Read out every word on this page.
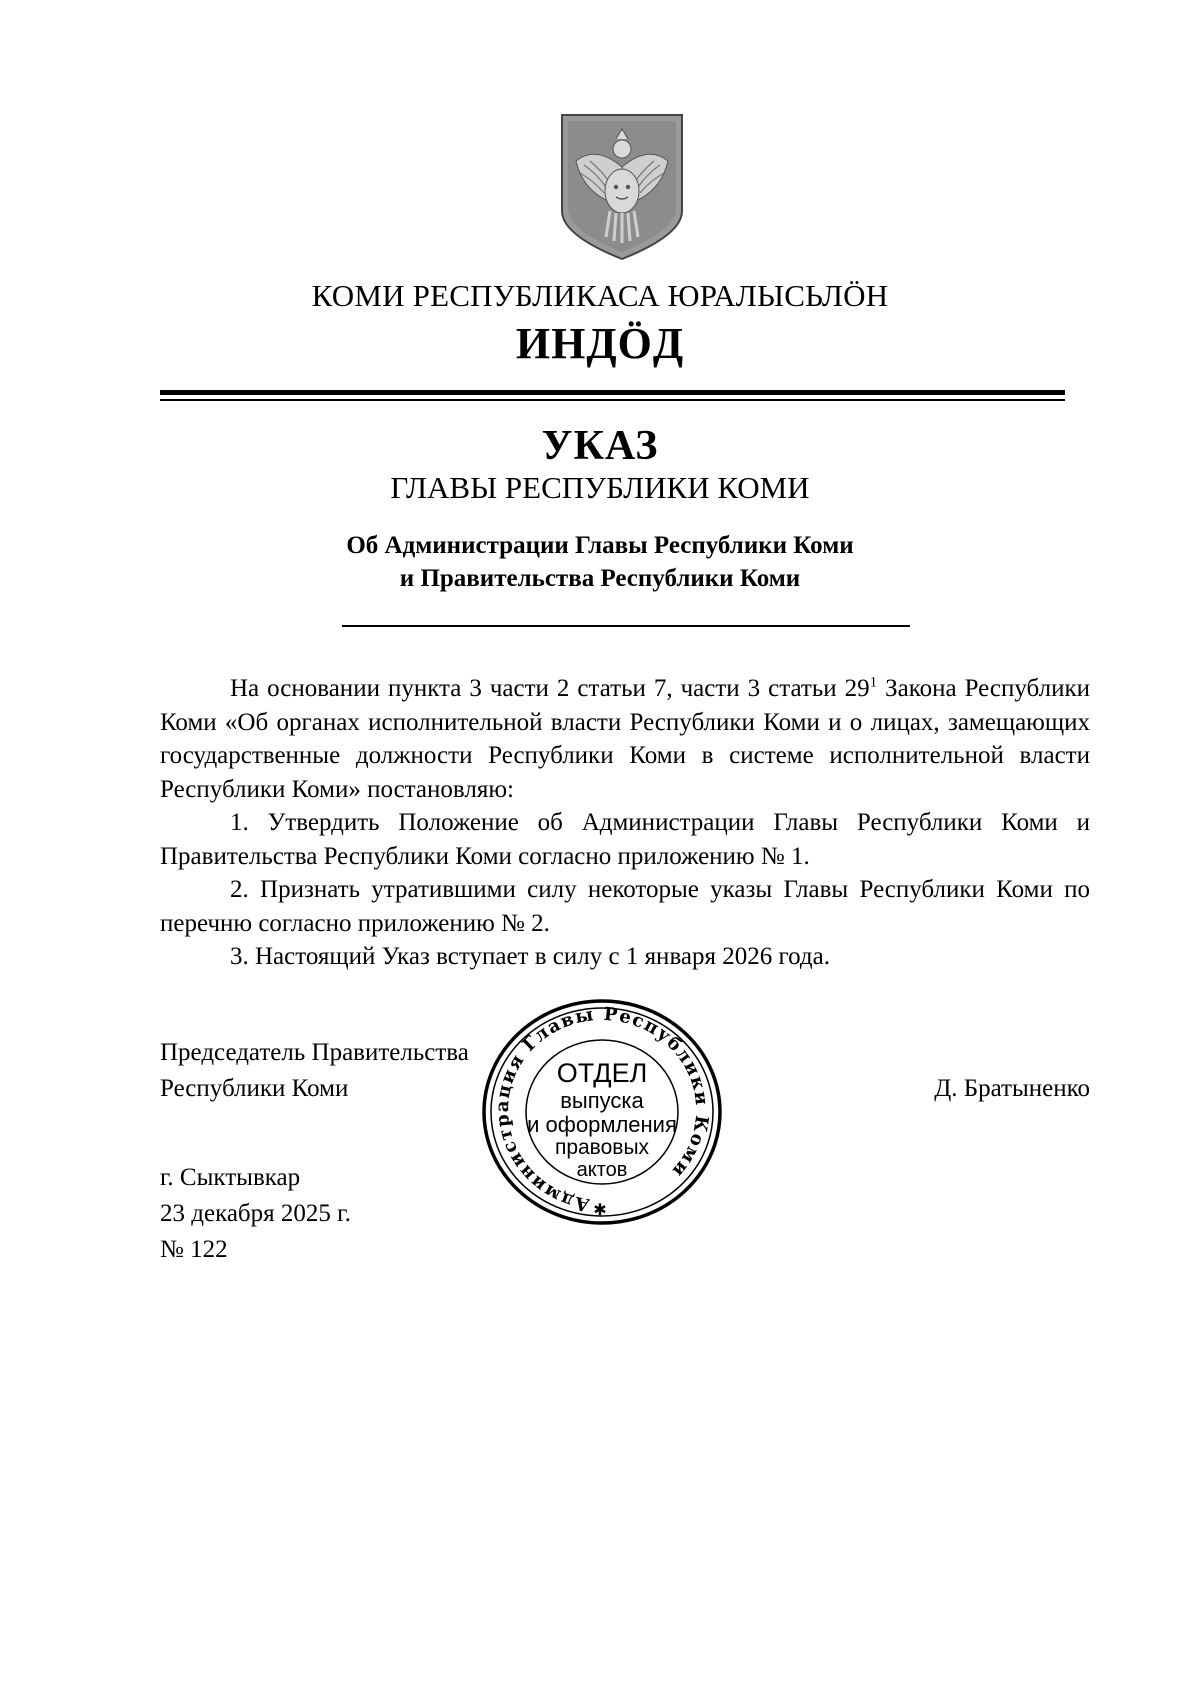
КОМИ РЕСПУБЛИКАСА ЮРАЛЫСЬЛӦН
ИНДӦД
УКАЗ
ГЛАВЫ РЕСПУБЛИКИ КОМИ
Об Администрации Главы Республики Коми
и Правительства Республики Коми

На основании пункта 3 части 2 статьи 7, части 3 статьи $29^1$ Закона Республики Коми «Об органах исполнительной власти Республики Коми и о лицах, замещающих государственные должности Республики Коми в системе исполнительной власти Республики Коми» постановляю:

1. Утвердить Положение об Администрации Главы Республики Коми и Правительства Республики Коми согласно приложению № 1.

2. Признать утратившими силу некоторые указы Главы Республики Коми по перечню согласно приложению № 2.

3. Настоящий Указ вступает в силу с 1 января 2026 года.

Председатель Правительства
Республики Коми	Д. Братыненко
Администрация Главы Республики Коми
✱
ОТДЕЛ
выпуска
и оформления
правовых
актов
г. Сыктывкар
23 декабря 2025 г.
№ 122
